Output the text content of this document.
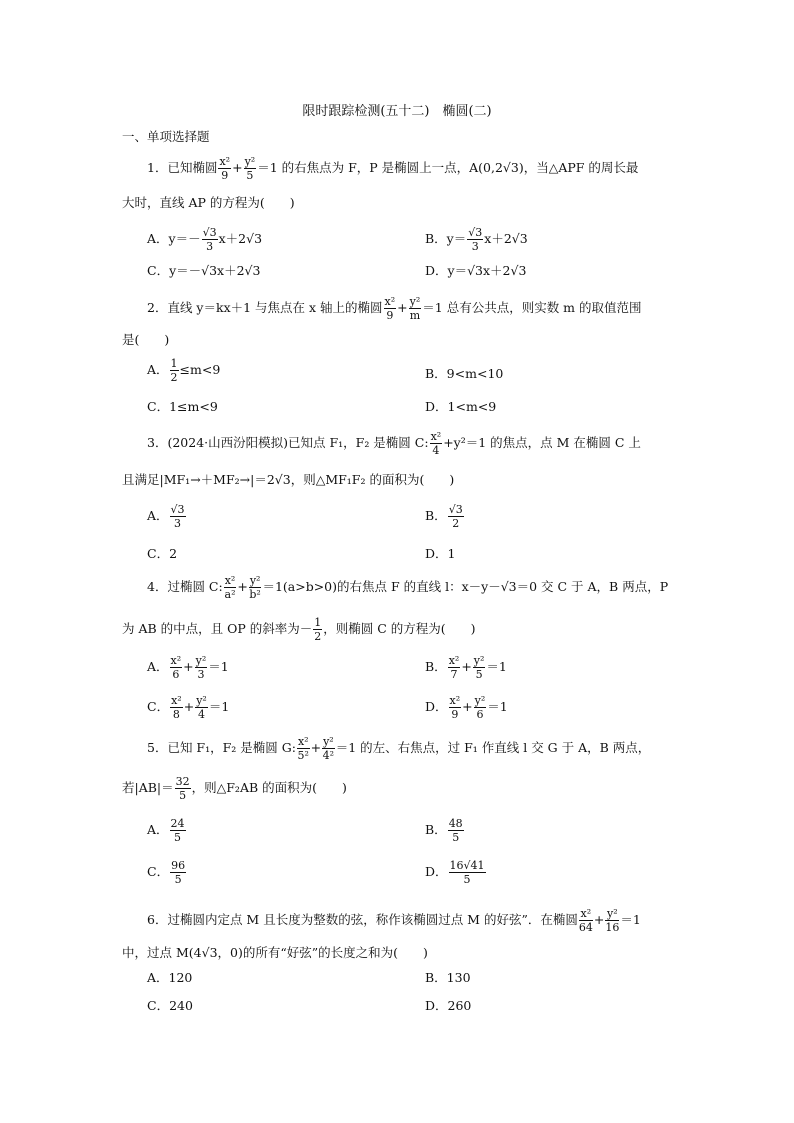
限时跟踪检测(五十二)　椭圆(二)
一、单项选择题
1．已知椭圆 $\frac{\text{x²}}{9} + \frac{\text{y²}}{5} =1$ 的右焦点为 F，P 是椭圆上一点，A(0,2√3)，当△APF 的周长最
大时，直线 AP 的方程为(　　)
A．$y=- \frac{√3}{3} x+2√3$	B．$y= \frac{√3}{3} x+2√3$
C．y＝－√3x＋2√3	D．y＝√3x＋2√3
2．直线 y＝kx＋1 与焦点在 x 轴上的椭圆 $\frac{\text{x²}}{9} + \frac{\text{y²}}{m} =1$ 总有公共点，则实数 m 的取值范围
是(　　)
A． $\frac{1}{2} \le m<9$	B．9<m<10
C．1≤m<9	D．1<m<9
3．(2024·山西汾阳模拟)已知点 F₁，F₂ 是椭圆 C: $\frac{\text{x²}}{4} +y^2=1$ 的焦点，点 M 在椭圆 C 上
且满足|MF₁→＋MF₂→|＝2√3，则△MF₁F₂ 的面积为(　　)
A． $\frac{√3}{3}$	B． $\frac{√3}{2}$
C．2	D．1
4．过椭圆 C: $\frac{\text{x²}}{\text{a²}} + \frac{\text{y²}}{\text{b²}} =1(a>b>0)$的右焦点 F 的直线 l：x－y－√3＝0 交 C 于 A，B 两点，P
为 AB 的中点，且 OP 的斜率为－ $\frac{1}{2}$ ，则椭圆 C 的方程为(　　)
A． $\frac{\text{x²}}{6} + \frac{\text{y²}}{3} =1$	B． $\frac{\text{x²}}{7} + \frac{\text{y²}}{5} =1$
C． $\frac{\text{x²}}{8} + \frac{\text{y²}}{4} =1$	D． $\frac{\text{x²}}{9} + \frac{\text{y²}}{6} =1$
5．已知 F₁，F₂ 是椭圆 G: $\frac{\text{x²}}{\text{5²}} + \frac{\text{y²}}{\text{4²}} =1$ 的左、右焦点，过 F₁ 作直线 l 交 G 于 A，B 两点，
若$|AB|= \frac{32}{5}$ ，则△F₂AB 的面积为(　　)
A． $\frac{24}{5}$	B． $\frac{48}{5}$
C． $\frac{96}{5}$	D． $\frac{16√41}{5}$
6．过椭圆内定点 M 且长度为整数的弦，称作该椭圆过点 M 的好弦”．在椭圆 $\frac{\text{x²}}{64} + \frac{\text{y²}}{16} =1$
中，过点 M(4√3，0)的所有“好弦”的长度之和为(　　)
A．120	B．130
C．240	D．260
